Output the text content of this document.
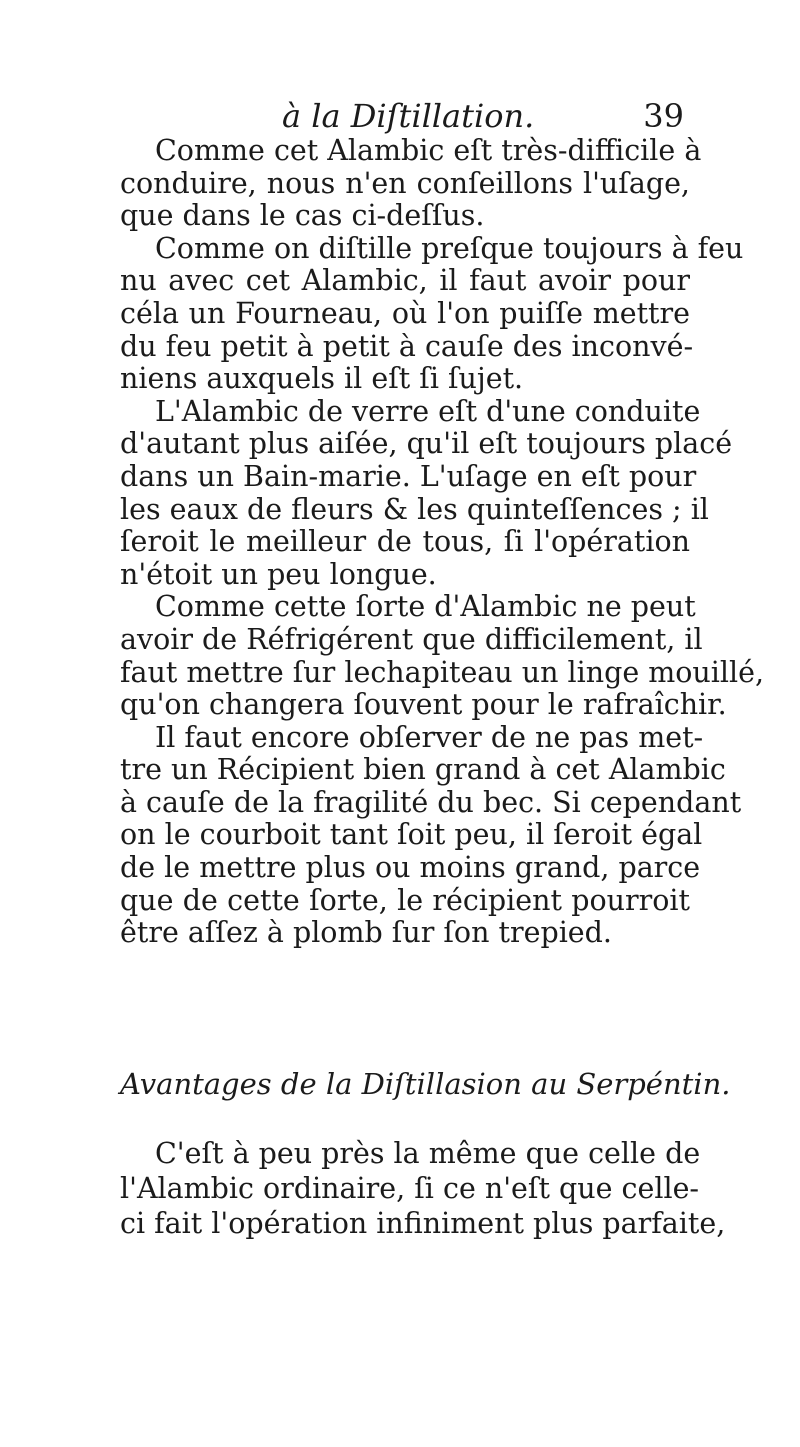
à la Diſtillation.	39
Comme cet Alambic eſt très-difficile à
conduire, nous n'en conſeillons l'uſage,
que dans le cas ci-deſſus.
Comme on diſtille preſque toujours à feu
nu avec cet Alambic, il faut avoir pour
céla un Fourneau, où l'on puiſſe mettre
du feu petit à petit à cauſe des inconvé-
niens auxquels il eſt ſi ſujet.
L'Alambic de verre eſt d'une conduite
d'autant plus aiſée, qu'il eſt toujours placé
dans un Bain-marie. L'uſage en eſt pour
les eaux de fleurs & les quinteſſences ; il
ſeroit le meilleur de tous, ſi l'opération
n'étoit un peu longue.
Comme cette ſorte d'Alambic ne peut
avoir de Réfrigérent que difficilement, il
faut mettre ſur lechapiteau un linge mouillé,
qu'on changera ſouvent pour le rafraîchir.
Il faut encore obſerver de ne pas met-
tre un Récipient bien grand à cet Alambic
à cauſe de la fragilité du bec. Si cependant
on le courboit tant ſoit peu, il ſeroit égal
de le mettre plus ou moins grand, parce
que de cette ſorte, le récipient pourroit
être aſſez à plomb ſur ſon trepied.
Avantages de la Diſtillasion au Serpéntin.
C'eſt à peu près la même que celle de
l'Alambic ordinaire, ſi ce n'eſt que celle-
ci fait l'opération infiniment plus parfaite,
